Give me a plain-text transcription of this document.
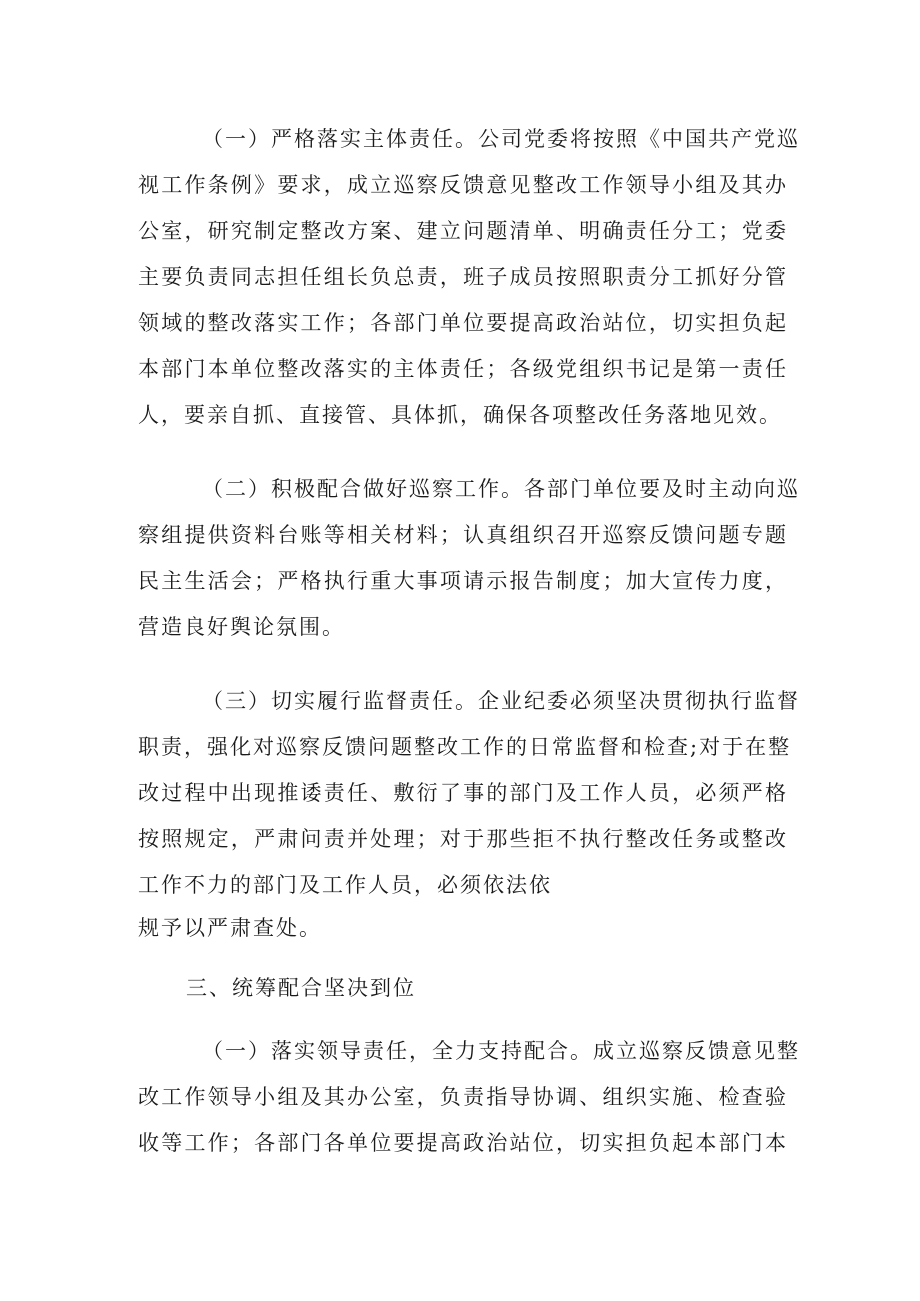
（一）严格落实主体责任。公司党委将按照《中国共产党巡
视工作条例》要求，成立巡察反馈意见整改工作领导小组及其办
公室，研究制定整改方案、建立问题清单、明确责任分工；党委
主要负责同志担任组长负总责，班子成员按照职责分工抓好分管
领域的整改落实工作；各部门单位要提高政治站位，切实担负起
本部门本单位整改落实的主体责任；各级党组织书记是第一责任
人，要亲自抓、直接管、具体抓，确保各项整改任务落地见效。
（二）积极配合做好巡察工作。各部门单位要及时主动向巡
察组提供资料台账等相关材料；认真组织召开巡察反馈问题专题
民主生活会；严格执行重大事项请示报告制度；加大宣传力度，
营造良好舆论氛围。
（三）切实履行监督责任。企业纪委必须坚决贯彻执行监督
职责，强化对巡察反馈问题整改工作的日常监督和检查;对于在整
改过程中出现推诿责任、敷衍了事的部门及工作人员，必须严格
按照规定，严肃问责并处理；对于那些拒不执行整改任务或整改
工作不力的部门及工作人员，必须依法依
规予以严肃查处。
三、统筹配合坚决到位
（一）落实领导责任，全力支持配合。成立巡察反馈意见整
改工作领导小组及其办公室，负责指导协调、组织实施、检查验
收等工作；各部门各单位要提高政治站位，切实担负起本部门本
